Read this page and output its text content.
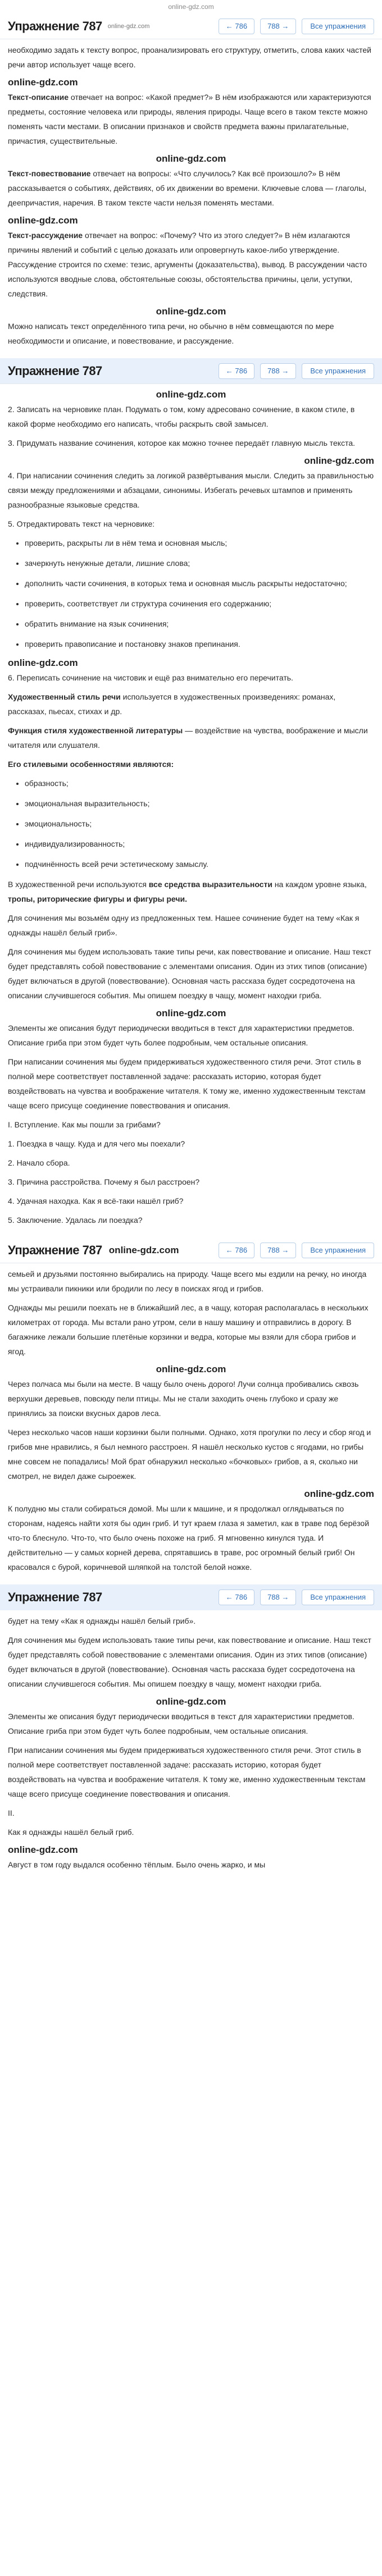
online-gdz.com
Упражнение 787 online-gdz.com	← 786	788 →	Все упражнения

необходимо задать к тексту вопрос, проанализировать его структуру, отметить, слова каких частей речи автор использует чаще всего.

online-gdz.com

Текст-описание отвечает на вопрос: «Какой предмет?» В нём изображаются или характеризуются предметы, состояние человека или природы, явления природы. Чаще всего в таком тексте можно поменять части местами. В описании признаков и свойств предмета важны прилагательные, причастия, существительные.

online-gdz.com

Текст-повествование отвечает на вопросы: «Что случилось? Как всё произошло?» В нём рассказывается о событиях, действиях, об их движении во времени. Ключевые слова — глаголы, деепричастия, наречия. В таком тексте части нельзя поменять местами.

online-gdz.com

Текст-рассуждение отвечает на вопрос: «Почему? Что из этого следует?» В нём излагаются причины явлений и событий с целью доказать или опровергнуть какое-либо утверждение. Рассуждение строится по схеме: тезис, аргументы (доказательства), вывод. В рассуждении часто используются вводные слова, обстоятельные союзы, обстоятельства причины, цели, уступки, следствия.

online-gdz.com

Можно написать текст определённого типа речи, но обычно в нём совмещаются по мере необходимости и описание, и повествование, и рассуждение.

Упражнение 787	← 786	788 →	Все упражнения
online-gdz.com

2. Записать на черновике план. Подумать о том, кому адресовано сочинение, в каком стиле, в какой форме необходимо его написать, чтобы раскрыть свой замысел.

3. Придумать название сочинения, которое как можно точнее передаёт главную мысль текста.

online-gdz.com

4. При написании сочинения следить за логикой развёртывания мысли. Следить за правильностью связи между предложениями и абзацами, синонимы. Избегать речевых штампов и применять разнообразные языковые средства.

5. Отредактировать текст на черновике:

• проверить, раскрыты ли в нём тема и основная мысль;
• зачеркнуть ненужные детали, лишние слова;
• дополнить части сочинения, в которых тема и основная мысль раскрыты недостаточно;
• проверить, соответствует ли структура сочинения его содержанию;
• обратить внимание на язык сочинения;
• проверить правописание и постановку знаков препинания.
online-gdz.com

6. Переписать сочинение на чистовик и ещё раз внимательно его перечитать.

Художественный стиль речи используется в художественных произведениях: романах, рассказах, пьесах, стихах и др.

Функция стиля художественной литературы — воздействие на чувства, воображение и мысли читателя или слушателя.

Его стилевыми особенностями являются:

• образность;
• эмоциональная выразительность;
• эмоциональность;
• индивидуализированность;
• подчинённость всей речи эстетическому замыслу.

В художественной речи используются все средства выразительности на каждом уровне языка, тропы, риторические фигуры и фигуры речи.

Для сочинения мы возьмём одну из предложенных тем. Нашее сочинение будет на тему «Как я однажды нашёл белый гриб».

Для сочинения мы будем использовать такие типы речи, как повествование и описание. Наш текст будет представлять собой повествование с элементами описания. Один из этих типов (описание) будет включаться в другой (повествование). Основная часть рассказа будет сосредоточена на описании случившегося события. Мы опишем поездку в чащу, момент находки гриба.

online-gdz.com

Элементы же описания будут периодически вводиться в текст для характеристики предметов. Описание гриба при этом будет чуть более подробным, чем остальные описания.

При написании сочинения мы будем придерживаться художественного стиля речи. Этот стиль в полной мере соответствует поставленной задаче: рассказать историю, которая будет воздействовать на чувства и воображение читателя. К тому же, именно художественным текстам чаще всего присуще соединение повествования и описания.

I. Вступление. Как мы пошли за грибами?

1. Поездка в чащу. Куда и для чего мы поехали?

2. Начало сбора.

3. Причина расстройства. Почему я был расстроен?

4. Удачная находка. Как я всё-таки нашёл гриб?

5. Заключение. Удалась ли поездка?

Упражнение 787 online-gdz.com	← 786	788 →	Все упражнения

семьей и друзьями постоянно выбирались на природу. Чаще всего мы ездили на речку, но иногда мы устраивали пикники или бродили по лесу в поисках ягод и грибов.

Однажды мы решили поехать не в ближайший лес, а в чащу, которая располагалась в нескольких километрах от города. Мы встали рано утром, сели в нашу машину и отправились в дорогу. В багажнике лежали большие плетёные корзинки и ведра, которые мы взяли для сбора грибов и ягод.

online-gdz.com

Через полчаса мы были на месте. В чащу было очень дорого! Лучи солнца пробивались сквозь верхушки деревьев, повсюду пели птицы. Мы не стали заходить очень глубоко и сразу же принялись за поиски вкусных даров леса.

Через несколько часов наши корзинки были полными. Однако, хотя прогулки по лесу и сбор ягод и грибов мне нравились, я был немного расстроен. Я нашёл несколько кустов с ягодами, но грибы мне совсем не попадались! Мой брат обнаружил несколько «бочковых» грибов, а я, сколько ни смотрел, не видел даже сыроежек.

online-gdz.com

К полудню мы стали собираться домой. Мы шли к машине, и я продолжал оглядываться по сторонам, надеясь найти хотя бы один гриб. И тут краем глаза я заметил, как в траве под берёзой что-то блеснуло. Что-то, что было очень похоже на гриб. Я мгновенно кинулся туда. И действительно — у самых корней дерева, спрятавшись в траве, рос огромный белый гриб! Он красовался с бурой, коричневой шляпкой на толстой белой ножке.

Упражнение 787	← 786	788 →	Все упражнения

будет на тему «Как я однажды нашёл белый гриб».

Для сочинения мы будем использовать такие типы речи, как повествование и описание. Наш текст будет представлять собой повествование с элементами описания. Один из этих типов (описание) будет включаться в другой (повествование). Основная часть рассказа будет сосредоточена на описании случившегося события. Мы опишем поездку в чащу, момент находки гриба.

online-gdz.com

Элементы же описания будут периодически вводиться в текст для характеристики предметов. Описание гриба при этом будет чуть более подробным, чем остальные описания.

При написании сочинения мы будем придерживаться художественного стиля речи. Этот стиль в полной мере соответствует поставленной задаче: рассказать историю, которая будет воздействовать на чувства и воображение читателя. К тому же, именно художественным текстам чаще всего присуще соединение повествования и описания.

II.

Как я однажды нашёл белый гриб.

online-gdz.com

Август в том году выдался особенно тёплым. Было очень жарко, и мы
